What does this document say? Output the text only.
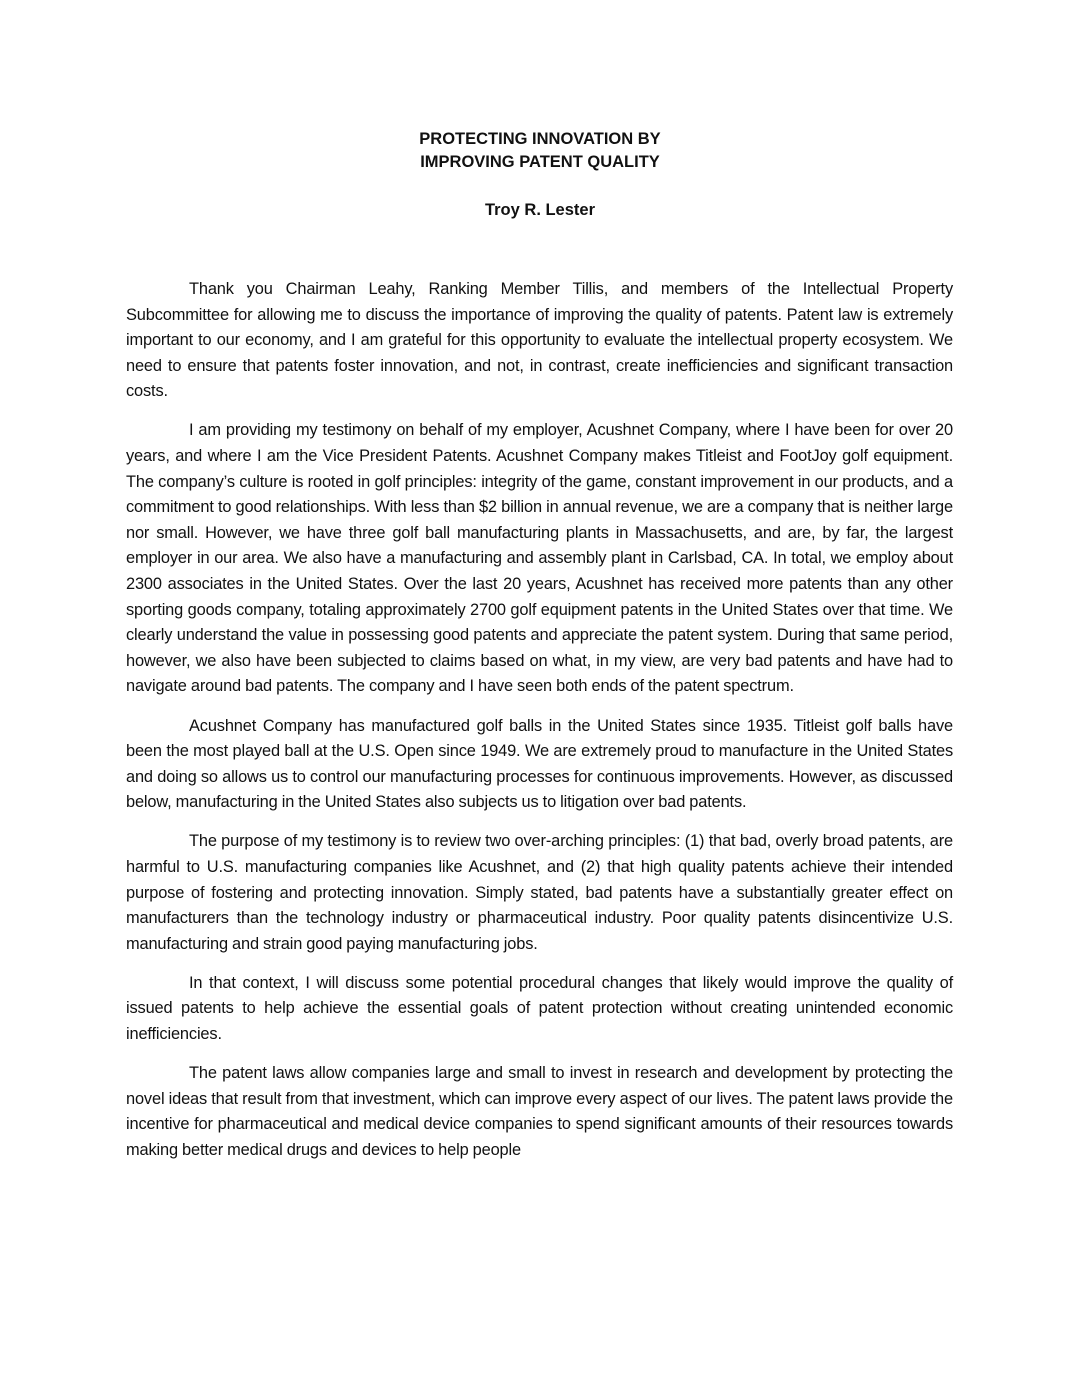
PROTECTING INNOVATION BY

IMPROVING PATENT QUALITY

Troy R. Lester

Thank you Chairman Leahy, Ranking Member Tillis, and members of the Intellectual Property Subcommittee for allowing me to discuss the importance of improving the quality of patents. Patent law is extremely important to our economy, and I am grateful for this opportunity to evaluate the intellectual property ecosystem. We need to ensure that patents foster innovation, and not, in contrast, create inefficiencies and significant transaction costs.

I am providing my testimony on behalf of my employer, Acushnet Company, where I have been for over 20 years, and where I am the Vice President Patents. Acushnet Company makes Titleist and FootJoy golf equipment. The company’s culture is rooted in golf principles: integrity of the game, constant improvement in our products, and a commitment to good relationships. With less than $2 billion in annual revenue, we are a company that is neither large nor small. However, we have three golf ball manufacturing plants in Massachusetts, and are, by far, the largest employer in our area. We also have a manufacturing and assembly plant in Carlsbad, CA. In total, we employ about 2300 associates in the United States. Over the last 20 years, Acushnet has received more patents than any other sporting goods company, totaling approximately 2700 golf equipment patents in the United States over that time. We clearly understand the value in possessing good patents and appreciate the patent system. During that same period, however, we also have been subjected to claims based on what, in my view, are very bad patents and have had to navigate around bad patents. The company and I have seen both ends of the patent spectrum.

Acushnet Company has manufactured golf balls in the United States since 1935. Titleist golf balls have been the most played ball at the U.S. Open since 1949. We are extremely proud to manufacture in the United States and doing so allows us to control our manufacturing processes for continuous improvements. However, as discussed below, manufacturing in the United States also subjects us to litigation over bad patents.

The purpose of my testimony is to review two over-arching principles: (1) that bad, overly broad patents, are harmful to U.S. manufacturing companies like Acushnet, and (2) that high quality patents achieve their intended purpose of fostering and protecting innovation. Simply stated, bad patents have a substantially greater effect on manufacturers than the technology industry or pharmaceutical industry. Poor quality patents disincentivize U.S. manufacturing and strain good paying manufacturing jobs.

In that context, I will discuss some potential procedural changes that likely would improve the quality of issued patents to help achieve the essential goals of patent protection without creating unintended economic inefficiencies.

The patent laws allow companies large and small to invest in research and development by protecting the novel ideas that result from that investment, which can improve every aspect of our lives. The patent laws provide the incentive for pharmaceutical and medical device companies to spend significant amounts of their resources towards making better medical drugs and devices to help people
